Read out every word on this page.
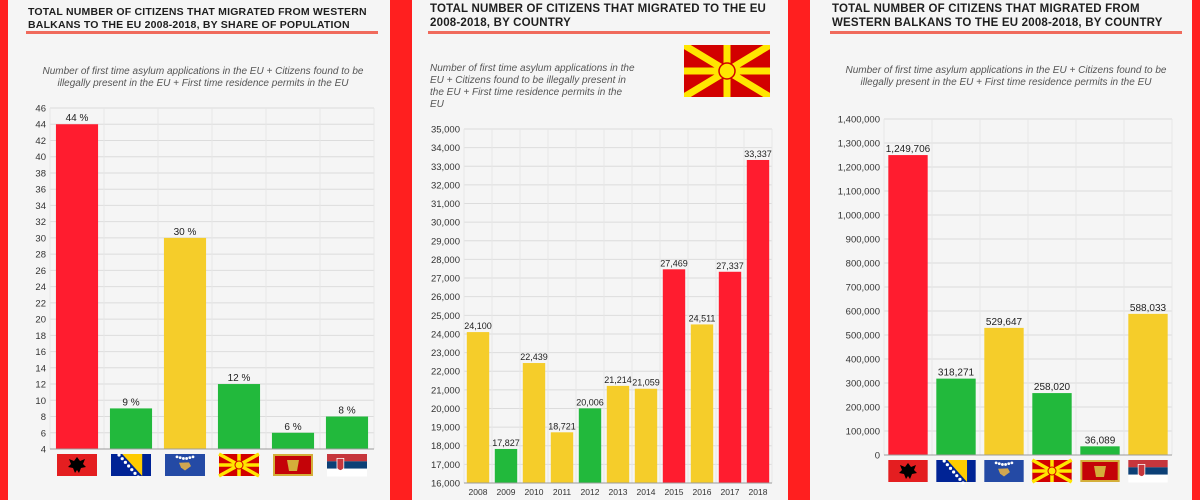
TOTAL NUMBER OF CITIZENS THAT MIGRATED FROM WESTERN BALKANS TO THE EU 2008-2018, BY SHARE OF POPULATION
Number of first time asylum applications in the EU + Citizens found to be illegally present in the EU + First time residence permits in the EU
4
6
8
10
12
14
16
18
20
22
24
26
28
30
32
34
36
38
40
42
44
46
44 %
9 %
30 %
12 %
6 %
8 %
TOTAL NUMBER OF CITIZENS THAT MIGRATED TO THE EU 2008-2018, BY COUNTRY
Number of first time asylum applications in the EU + Citizens found to be illegally present in the EU + First time residence permits in the EU
16,000
17,000
18,000
19,000
20,000
21,000
22,000
23,000
24,000
25,000
26,000
27,000
28,000
29,000
30,000
31,000
32,000
33,000
34,000
35,000
24,100
2008
17,827
2009
22,439
2010
18,721
2011
20,006
2012
21,214
2013
21,059
2014
27,469
2015
24,511
2016
27,337
2017
33,337
2018
TOTAL NUMBER OF CITIZENS THAT MIGRATED FROM WESTERN BALKANS TO THE EU 2008-2018, BY COUNTRY
Number of first time asylum applications in the EU + Citizens found to be illegally present in the EU + First time residence permits in the EU
0
100,000
200,000
300,000
400,000
500,000
600,000
700,000
800,000
900,000
1,000,000
1,100,000
1,200,000
1,300,000
1,400,000
1,249,706
318,271
529,647
258,020
36,089
588,033
